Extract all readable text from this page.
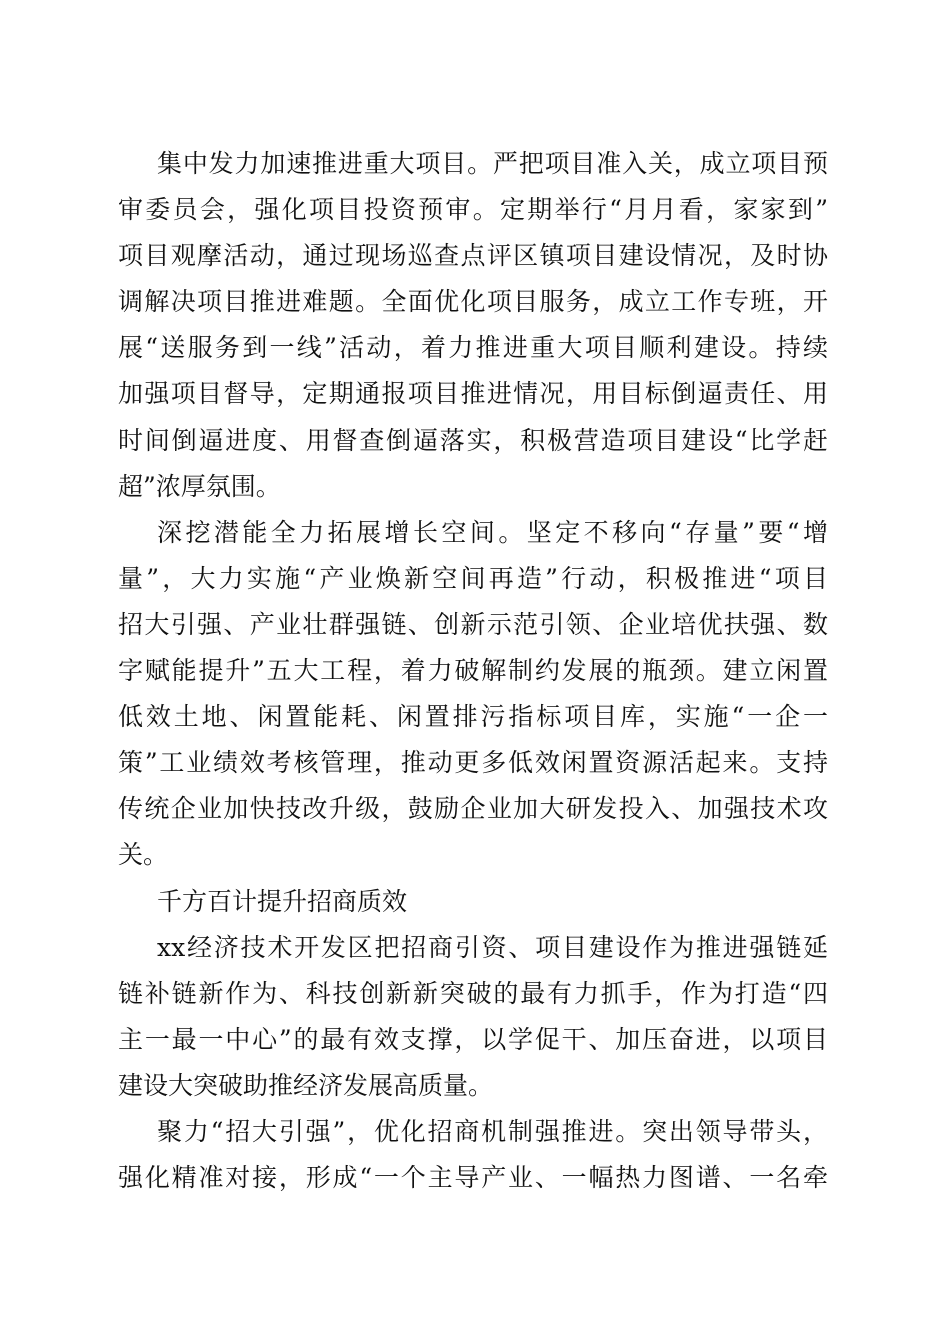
集中发力加速推进重大项目。严把项目准入关，成立项目预
审委员会，强化项目投资预审。定期举行“月月看，家家到”
项目观摩活动，通过现场巡查点评区镇项目建设情况，及时协
调解决项目推进难题。全面优化项目服务，成立工作专班，开
展“送服务到一线”活动，着力推进重大项目顺利建设。持续
加强项目督导，定期通报项目推进情况，用目标倒逼责任、用
时间倒逼进度、用督查倒逼落实，积极营造项目建设“比学赶
超”浓厚氛围。
深挖潜能全力拓展增长空间。坚定不移向“存量”要“增
量”，大力实施“产业焕新空间再造”行动，积极推进“项目
招大引强、产业壮群强链、创新示范引领、企业培优扶强、数
字赋能提升”五大工程，着力破解制约发展的瓶颈。建立闲置
低效土地、闲置能耗、闲置排污指标项目库，实施“一企一
策”工业绩效考核管理，推动更多低效闲置资源活起来。支持
传统企业加快技改升级，鼓励企业加大研发投入、加强技术攻
关。
千方百计提升招商质效
xx经济技术开发区把招商引资、项目建设作为推进强链延
链补链新作为、科技创新新突破的最有力抓手，作为打造“四
主一最一中心”的最有效支撑，以学促干、加压奋进，以项目
建设大突破助推经济发展高质量。
聚力“招大引强”，优化招商机制强推进。突出领导带头，
强化精准对接，形成“一个主导产业、一幅热力图谱、一名牵
